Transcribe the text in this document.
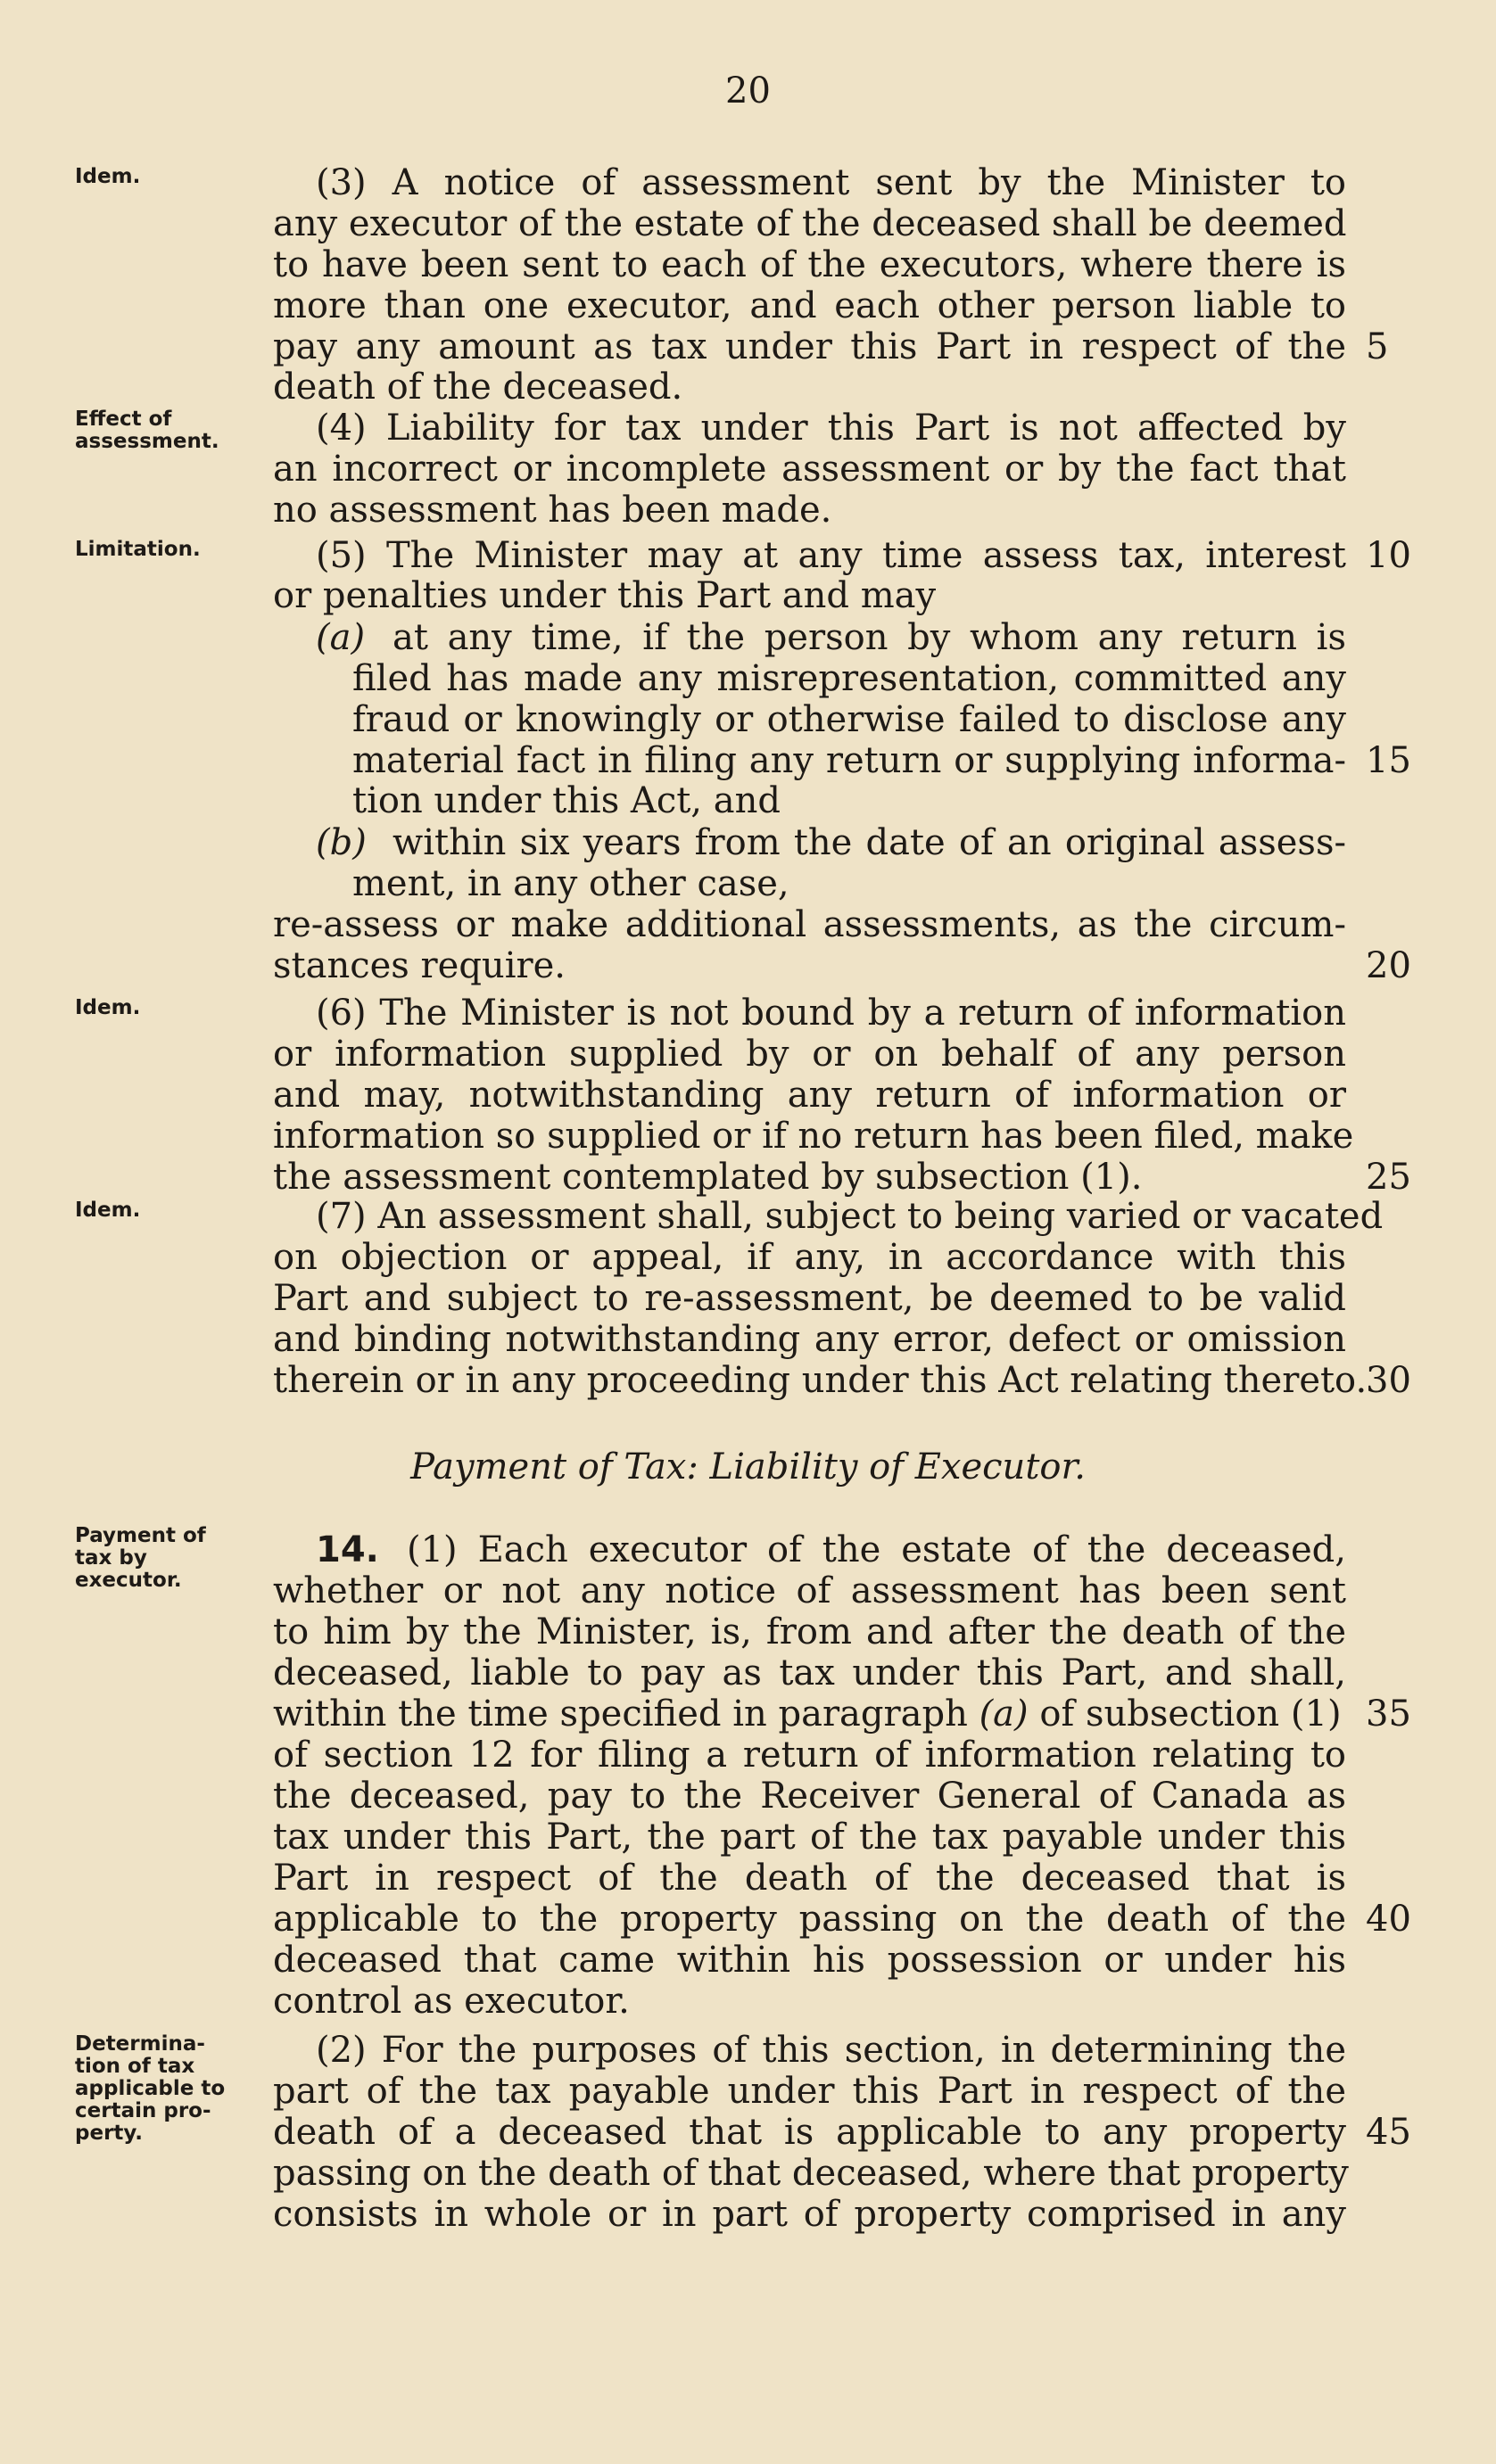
20
Idem.
Effect of
assessment.
Limitation.
Idem.
Idem.
Payment of
tax by
executor.
Determina-
tion of tax
applicable to
certain pro-
perty.
(3) A notice of assessment sent by the Minister to
any executor of the estate of the deceased shall be deemed
to have been sent to each of the executors, where there is
more than one executor, and each other person liable to
pay any amount as tax under this Part in respect of the
death of the deceased.
(4) Liability for tax under this Part is not affected by
an incorrect or incomplete assessment or by the fact that
no assessment has been made.
(5) The Minister may at any time assess tax, interest
or penalties under this Part and may
(a) at any time, if the person by whom any return is
filed has made any misrepresentation, committed any
fraud or knowingly or otherwise failed to disclose any
material fact in filing any return or supplying informa-
tion under this Act, and
(b) within six years from the date of an original assess-
ment, in any other case,
re-assess or make additional assessments, as the circum-
stances require.
(6) The Minister is not bound by a return of information
or information supplied by or on behalf of any person
and may, notwithstanding any return of information or
information so supplied or if no return has been filed, make
the assessment contemplated by subsection (1).
(7) An assessment shall, subject to being varied or vacated
on objection or appeal, if any, in accordance with this
Part and subject to re-assessment, be deemed to be valid
and binding notwithstanding any error, defect or omission
therein or in any proceeding under this Act relating thereto.
Payment of Tax: Liability of Executor.
14. (1) Each executor of the estate of the deceased,
whether or not any notice of assessment has been sent
to him by the Minister, is, from and after the death of the
deceased, liable to pay as tax under this Part, and shall,
within the time specified in paragraph (a) of subsection (1)
of section 12 for filing a return of information relating to
the deceased, pay to the Receiver General of Canada as
tax under this Part, the part of the tax payable under this
Part in respect of the death of the deceased that is
applicable to the property passing on the death of the
deceased that came within his possession or under his
control as executor.
(2) For the purposes of this section, in determining the
part of the tax payable under this Part in respect of the
death of a deceased that is applicable to any property
passing on the death of that deceased, where that property
consists in whole or in part of property comprised in any
5
10
15
20
25
30
35
40
45
